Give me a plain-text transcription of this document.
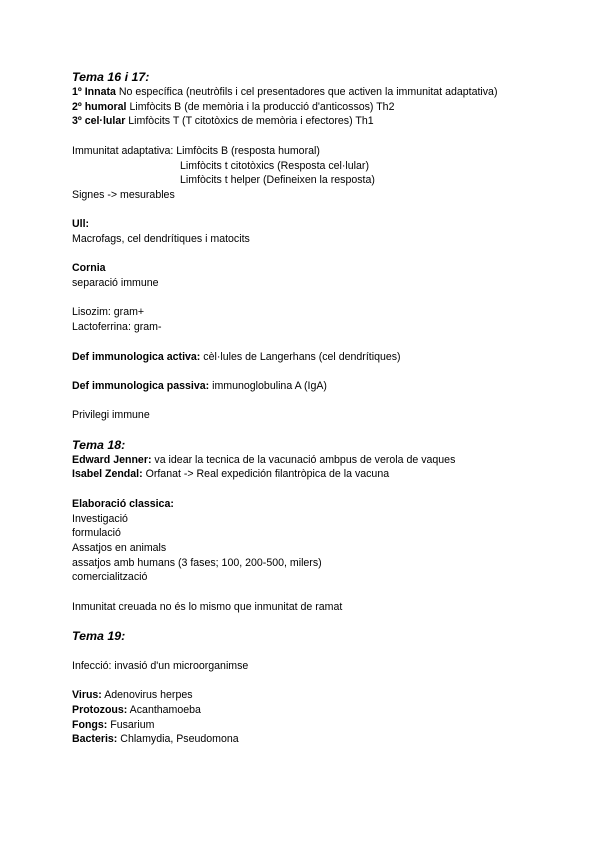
Tema 16 i 17:
1º Innata No específica (neutròfils i cel presentadores que activen la immunitat adaptativa)
2º humoral Limfòcits B (de memòria i la producció d'anticossos) Th2
3º cel·lular Limfòcits T (T citotòxics de memòria i efectores) Th1
Immunitat adaptativa: Limfòcits B (resposta humoral)
Limfòcits t citotòxics (Resposta cel·lular)
Limfòcits t helper (Defineixen la resposta)
Signes -> mesurables
Ull:
Macrofags, cel dendrítiques i matocits
Cornia
separació immune
Lisozim: gram+
Lactoferrina: gram-
Def immunologica activa: cèl·lules de Langerhans (cel dendrítiques)
Def immunologica passiva: immunoglobulina A (IgA)
Privilegi immune
Tema 18:
Edward Jenner: va idear la tecnica de la vacunació ambpus de verola de vaques
Isabel Zendal: Orfanat -> Real expedición filantròpica de la vacuna
Elaboració classica:
Investigació
formulació
Assatjos en animals
assatjos amb humans (3 fases; 100, 200-500, milers)
comercialització
Inmunitat creuada no és lo mismo que inmunitat de ramat
Tema 19:
Infecció: invasió d'un microorganimse
Virus: Adenovirus herpes
Protozous: Acanthamoeba
Fongs: Fusarium
Bacteris: Chlamydia, Pseudomona
